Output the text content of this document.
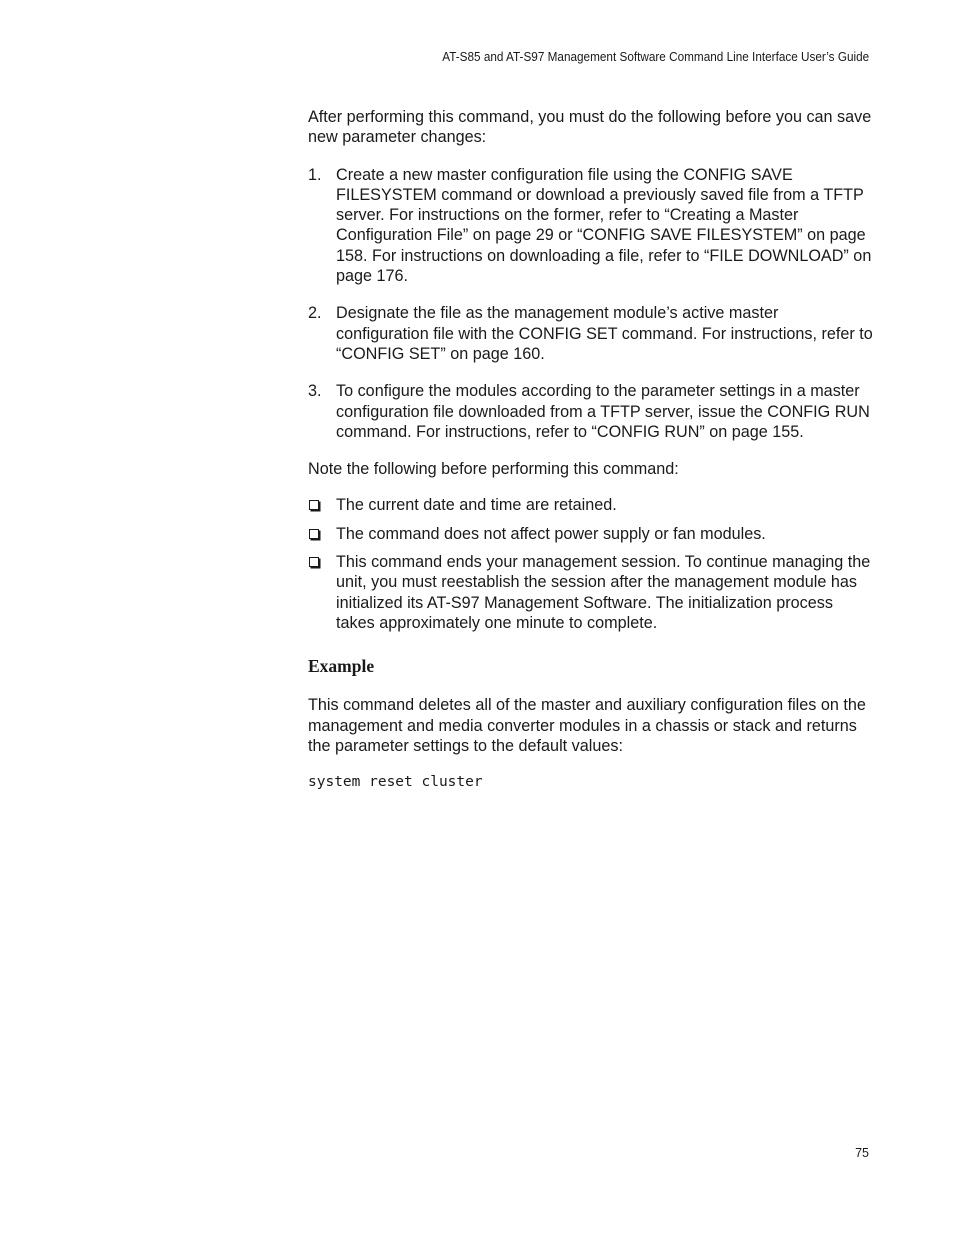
AT-S85 and AT-S97 Management Software Command Line Interface User’s Guide

After performing this command, you must do the following before you can save new parameter changes:

1. Create a new master configuration file using the CONFIG SAVE FILESYSTEM command or download a previously saved file from a TFTP server. For instructions on the former, refer to “Creating a Master Configuration File” on page 29 or “CONFIG SAVE FILESYSTEM” on page 158. For instructions on downloading a file, refer to “FILE DOWNLOAD” on page 176.
2. Designate the file as the management module’s active master configuration file with the CONFIG SET command. For instructions, refer to “CONFIG SET” on page 160.
3. To configure the modules according to the parameter settings in a master configuration file downloaded from a TFTP server, issue the CONFIG RUN command. For instructions, refer to “CONFIG RUN” on page 155.

Note the following before performing this command:

The current date and time are retained.
The command does not affect power supply or fan modules.
This command ends your management session. To continue managing the unit, you must reestablish the session after the management module has initialized its AT-S97 Management Software. The initialization process takes approximately one minute to complete.
Example

This command deletes all of the master and auxiliary configuration files on the management and media converter modules in a chassis or stack and returns the parameter settings to the default values:

system reset cluster
75
